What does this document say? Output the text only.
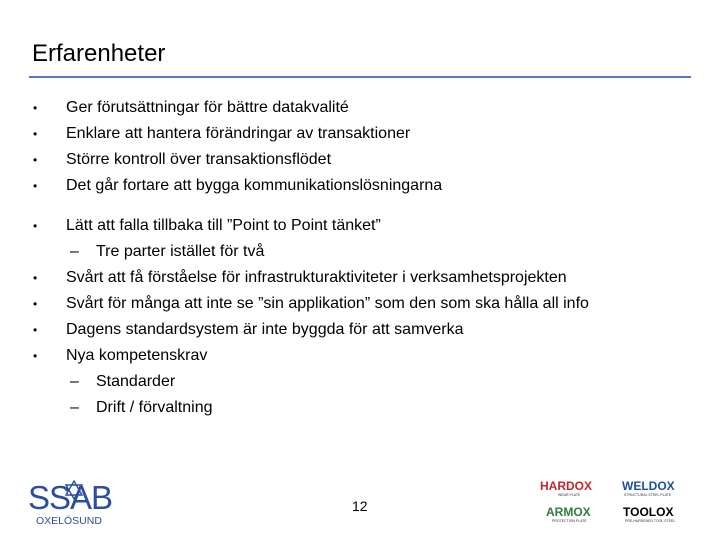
Erfarenheter
•	Ger förutsättningar för bättre datakvalité
•	Enklare att hantera förändringar av transaktioner
•	Större kontroll över transaktionsflödet
•	Det går fortare att bygga kommunikationslösningarna
•	Lätt att falla tillbaka till ”Point to Point tänket”
– Tre parter istället för två
•	Svårt att få förståelse för infrastrukturaktiviteter i verksamhetsprojekten
•	Svårt för många att inte se ”sin applikation” som den som ska hålla all info
•	Dagens standardsystem är inte byggda för att samverka
•	Nya kompetenskrav
– Standarder
– Drift / förvaltning
12
SSAB
OXELÖSUND
HARDOX
WEAR PLATE
WELDOX
STRUCTURAL STEEL PLATE
ARMOX
PROTECTION PLATE
TOOLOX
PRE-HARDENED TOOL STEEL
